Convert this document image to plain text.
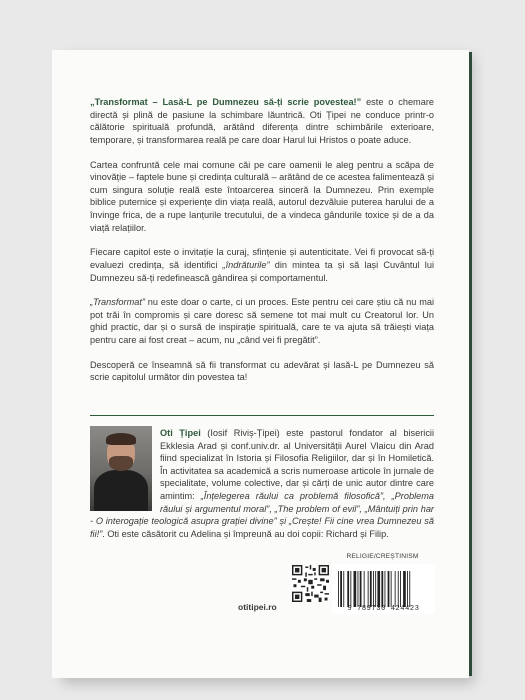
„Transformat – Lasă-L pe Dumnezeu să-ți scrie povestea!” este o chemare directă și plină de pasiune la schimbare lăuntrică. Oti Țipei ne conduce printr-o călătorie spirituală profundă, arătând diferența dintre schimbările exterioare, temporare, și transformarea reală pe care doar Harul lui Hristos o poate aduce.

Cartea confruntă cele mai comune căi pe care oamenii le aleg pentru a scăpa de vinovăție – faptele bune și credința culturală – arătând de ce acestea falimentează și cum singura soluție reală este întoarcerea sinceră la Dumnezeu. Prin exemple biblice puternice și experiențe din viața reală, autorul dezvăluie puterea harului de a învinge frica, de a rupe lanțurile trecutului, de a vindeca gândurile toxice și de a da viață relațiilor.

Fiecare capitol este o invitație la curaj, sfințenie și autenticitate. Vei fi provocat să-ți evaluezi credința, să identifici „îndrăturile” din mintea ta și să lași Cuvântul lui Dumnezeu să-ți redefinească gândirea și comportamentul.

„Transformat” nu este doar o carte, ci un proces. Este pentru cei care știu că nu mai pot trăi în compromis și care doresc să semene tot mai mult cu Creatorul lor. Un ghid practic, dar și o sursă de inspirație spirituală, care te va ajuta să trăiești viața pentru care ai fost creat – acum, nu „când vei fi pregătit”.

Descoperă ce înseamnă să fii transformat cu adevărat și lasă-L pe Dumnezeu să scrie capitolul următor din povestea ta!

Oti Țipei (Iosif Riviș-Țipei) este pastorul fondator al bisericii Ekklesia Arad și conf.univ.dr. al Universității Aurel Vlaicu din Arad fiind specializat în Istoria și Filosofia Religiilor, dar și în Homiletică. În activitatea sa academică a scris numeroase articole în jurnale de specialitate, volume colective, dar și cărți de unic autor dintre care amintim: „Înțelegerea răului ca problemă filosofică”, „Problema răului și argumentul moral”, „The problem of evil”, „Mântuiți prin har - O interogație teologică asupra grației divine” și „Crește! Fii cine vrea Dumnezeu să fii!”. Oti este căsătorit cu Adelina și împreună au doi copii: Richard și Filip.
RELIGIE/CREȘTINISM
9 789730 424423
otitipei.ro
